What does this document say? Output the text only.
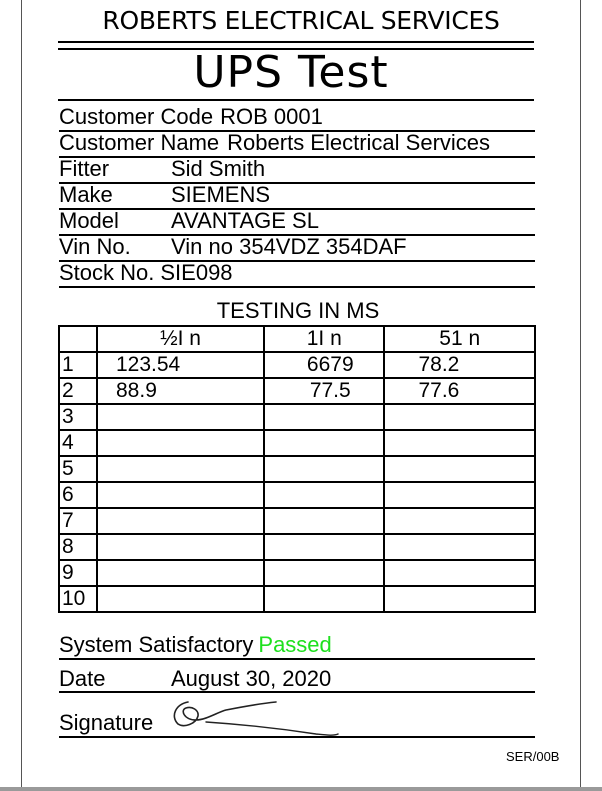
ROBERTS ELECTRICAL SERVICES
UPS Test
Customer Code ROB 0001
Customer Name Roberts Electrical Services
Fitter	Sid Smith
Make	SIEMENS
Model AVANTAGE SL
Vin No. Vin no 354VDZ 354DAF
Stock No. SIE098
TESTING IN MS
	½I n	1I n	51 n
1	123.54	6679	78.2
2	88.9	77.5	77.6
3			
4			
5			
6			
7			
8			
9			
10			
System Satisfactory Passed
Date	August 30, 2020
Signature
SER/00B
